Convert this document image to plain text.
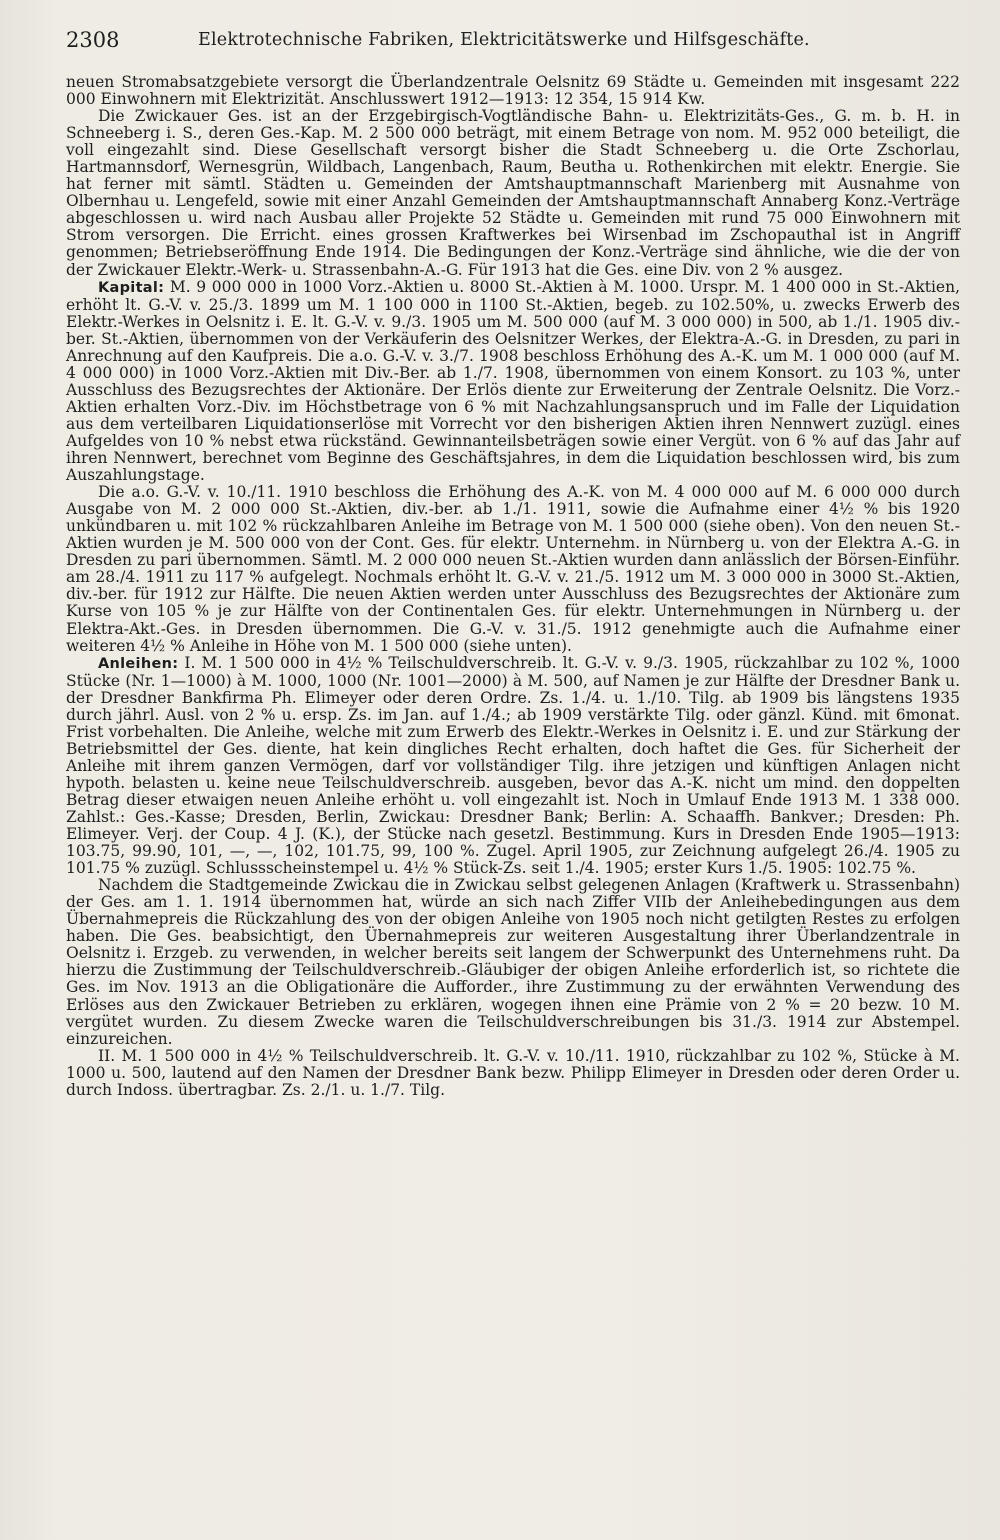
2308	Elektrotechnische Fabriken, Elektricitätswerke und Hilfsgeschäfte.

neuen Stromabsatzgebiete versorgt die Überlandzentrale Oelsnitz 69 Städte u. Gemeinden mit insgesamt 222 000 Einwohnern mit Elektrizität. Anschlusswert 1912—1913: 12 354, 15 914 Kw.

Die Zwickauer Ges. ist an der Erzgebirgisch-Vogtländische Bahn- u. Elektrizitäts-Ges., G. m. b. H. in Schneeberg i. S., deren Ges.-Kap. M. 2 500 000 beträgt, mit einem Betrage von nom. M. 952 000 beteiligt, die voll eingezahlt sind. Diese Gesellschaft versorgt bisher die Stadt Schneeberg u. die Orte Zschorlau, Hartmannsdorf, Wernesgrün, Wildbach, Langenbach, Raum, Beutha u. Rothenkirchen mit elektr. Energie. Sie hat ferner mit sämtl. Städten u. Gemeinden der Amtshauptmannschaft Marienberg mit Ausnahme von Olbernhau u. Lengefeld, sowie mit einer Anzahl Gemeinden der Amtshauptmannschaft Annaberg Konz.-Verträge abgeschlossen u. wird nach Ausbau aller Projekte 52 Städte u. Gemeinden mit rund 75 000 Einwohnern mit Strom versorgen. Die Erricht. eines grossen Kraftwerkes bei Wirsenbad im Zschopauthal ist in Angriff genommen; Betriebseröffnung Ende 1914. Die Bedingungen der Konz.-Verträge sind ähnliche, wie die der von der Zwickauer Elektr.-Werk- u. Strassenbahn-A.-G. Für 1913 hat die Ges. eine Div. von 2 % ausgez.

Kapital: M. 9 000 000 in 1000 Vorz.-Aktien u. 8000 St.-Aktien à M. 1000. Urspr. M. 1 400 000 in St.-Aktien, erhöht lt. G.-V. v. 25./3. 1899 um M. 1 100 000 in 1100 St.-Aktien, begeb. zu 102.50%, u. zwecks Erwerb des Elektr.-Werkes in Oelsnitz i. E. lt. G.-V. v. 9./3. 1905 um M. 500 000 (auf M. 3 000 000) in 500, ab 1./1. 1905 div.-ber. St.-Aktien, übernommen von der Verkäuferin des Oelsnitzer Werkes, der Elektra-A.-G. in Dresden, zu pari in Anrechnung auf den Kaufpreis. Die a.o. G.-V. v. 3./7. 1908 beschloss Erhöhung des A.-K. um M. 1 000 000 (auf M. 4 000 000) in 1000 Vorz.-Aktien mit Div.-Ber. ab 1./7. 1908, übernommen von einem Konsort. zu 103 %, unter Ausschluss des Bezugsrechtes der Aktionäre. Der Erlös diente zur Erweiterung der Zentrale Oelsnitz. Die Vorz.-Aktien erhalten Vorz.-Div. im Höchstbetrage von 6 % mit Nachzahlungsanspruch und im Falle der Liquidation aus dem verteilbaren Liquidationserlöse mit Vorrecht vor den bisherigen Aktien ihren Nennwert zuzügl. eines Aufgeldes von 10 % nebst etwa rückständ. Gewinnanteilsbeträgen sowie einer Vergüt. von 6 % auf das Jahr auf ihren Nennwert, berechnet vom Beginne des Geschäftsjahres, in dem die Liquidation beschlossen wird, bis zum Auszahlungstage.

Die a.o. G.-V. v. 10./11. 1910 beschloss die Erhöhung des A.-K. von M. 4 000 000 auf M. 6 000 000 durch Ausgabe von M. 2 000 000 St.-Aktien, div.-ber. ab 1./1. 1911, sowie die Aufnahme einer 4½ % bis 1920 unkündbaren u. mit 102 % rückzahlbaren Anleihe im Betrage von M. 1 500 000 (siehe oben). Von den neuen St.-Aktien wurden je M. 500 000 von der Cont. Ges. für elektr. Unternehm. in Nürnberg u. von der Elektra A.-G. in Dresden zu pari übernommen. Sämtl. M. 2 000 000 neuen St.-Aktien wurden dann anlässlich der Börsen-Einführ. am 28./4. 1911 zu 117 % aufgelegt. Nochmals erhöht lt. G.-V. v. 21./5. 1912 um M. 3 000 000 in 3000 St.-Aktien, div.-ber. für 1912 zur Hälfte. Die neuen Aktien werden unter Ausschluss des Bezugsrechtes der Aktionäre zum Kurse von 105 % je zur Hälfte von der Continentalen Ges. für elektr. Unternehmungen in Nürnberg u. der Elektra-Akt.-Ges. in Dresden übernommen. Die G.-V. v. 31./5. 1912 genehmigte auch die Aufnahme einer weiteren 4½ % Anleihe in Höhe von M. 1 500 000 (siehe unten).

Anleihen: I. M. 1 500 000 in 4½ % Teilschuldverschreib. lt. G.-V. v. 9./3. 1905, rückzahlbar zu 102 %, 1000 Stücke (Nr. 1—1000) à M. 1000, 1000 (Nr. 1001—2000) à M. 500, auf Namen je zur Hälfte der Dresdner Bank u. der Dresdner Bankfirma Ph. Elimeyer oder deren Ordre. Zs. 1./4. u. 1./10. Tilg. ab 1909 bis längstens 1935 durch jährl. Ausl. von 2 % u. ersp. Zs. im Jan. auf 1./4.; ab 1909 verstärkte Tilg. oder gänzl. Künd. mit 6monat. Frist vorbehalten. Die Anleihe, welche mit zum Erwerb des Elektr.-Werkes in Oelsnitz i. E. und zur Stärkung der Betriebsmittel der Ges. diente, hat kein dingliches Recht erhalten, doch haftet die Ges. für Sicherheit der Anleihe mit ihrem ganzen Vermögen, darf vor vollständiger Tilg. ihre jetzigen und künftigen Anlagen nicht hypoth. belasten u. keine neue Teilschuldverschreib. ausgeben, bevor das A.-K. nicht um mind. den doppelten Betrag dieser etwaigen neuen Anleihe erhöht u. voll eingezahlt ist. Noch in Umlauf Ende 1913 M. 1 338 000. Zahlst.: Ges.-Kasse; Dresden, Berlin, Zwickau: Dresdner Bank; Berlin: A. Schaaffh. Bankver.; Dresden: Ph. Elimeyer. Verj. der Coup. 4 J. (K.), der Stücke nach gesetzl. Bestimmung. Kurs in Dresden Ende 1905—1913: 103.75, 99.90, 101, —, —, 102, 101.75, 99, 100 %. Zugel. April 1905, zur Zeichnung aufgelegt 26./4. 1905 zu 101.75 % zuzügl. Schlussscheinstempel u. 4½ % Stück-Zs. seit 1./4. 1905; erster Kurs 1./5. 1905: 102.75 %.

Nachdem die Stadtgemeinde Zwickau die in Zwickau selbst gelegenen Anlagen (Kraftwerk u. Strassenbahn) der Ges. am 1. 1. 1914 übernommen hat, würde an sich nach Ziffer VIIb der Anleihebedingungen aus dem Übernahmepreis die Rückzahlung des von der obigen Anleihe von 1905 noch nicht getilgten Restes zu erfolgen haben. Die Ges. beabsichtigt, den Übernahmepreis zur weiteren Ausgestaltung ihrer Überlandzentrale in Oelsnitz i. Erzgeb. zu verwenden, in welcher bereits seit langem der Schwerpunkt des Unternehmens ruht. Da hierzu die Zustimmung der Teilschuldverschreib.-Gläubiger der obigen Anleihe erforderlich ist, so richtete die Ges. im Nov. 1913 an die Obligationäre die Aufforder., ihre Zustimmung zu der erwähnten Verwendung des Erlöses aus den Zwickauer Betrieben zu erklären, wogegen ihnen eine Prämie von 2 % = 20 bezw. 10 M. vergütet wurden. Zu diesem Zwecke waren die Teilschuldverschreibungen bis 31./3. 1914 zur Abstempel. einzureichen.

II. M. 1 500 000 in 4½ % Teilschuldverschreib. lt. G.-V. v. 10./11. 1910, rückzahlbar zu 102 %, Stücke à M. 1000 u. 500, lautend auf den Namen der Dresdner Bank bezw. Philipp Elimeyer in Dresden oder deren Order u. durch Indoss. übertragbar. Zs. 2./1. u. 1./7. Tilg.
